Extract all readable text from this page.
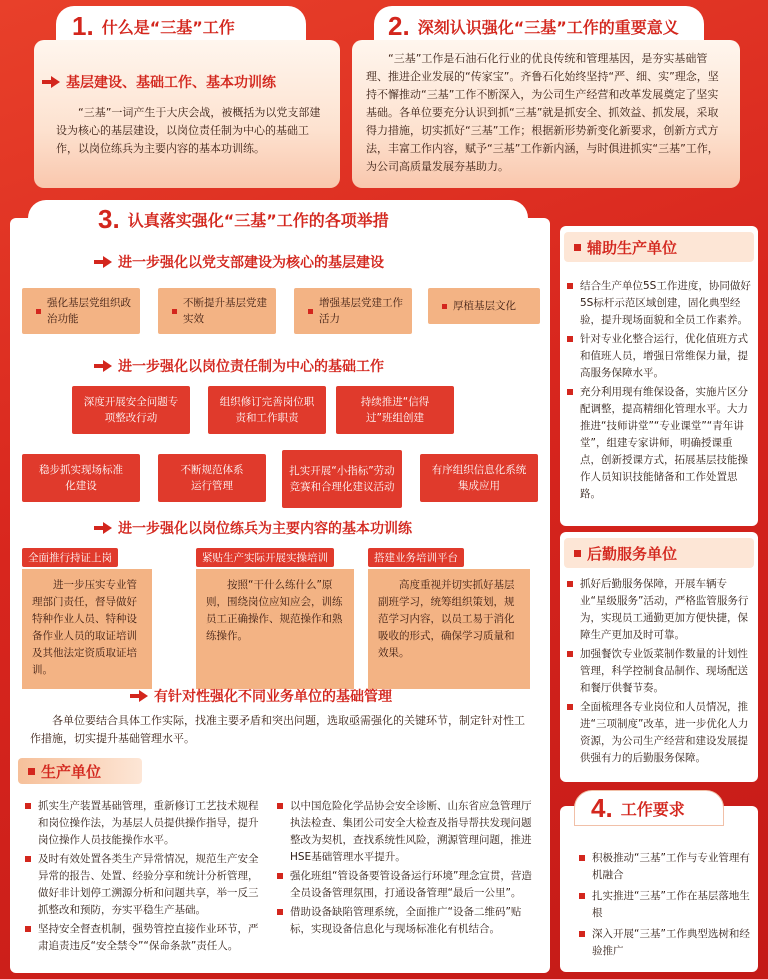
1. 什么是“三基”工作
基层建设、基础工作、基本功训练
“三基”一词产生于大庆会战，被概括为以党支部建设为核心的基层建设，以岗位责任制为中心的基础工作，以岗位练兵为主要内容的基本功训练。
2. 深刻认识强化“三基”工作的重要意义
“三基”工作是石油石化行业的优良传统和管理基因，是夯实基础管理、推进企业发展的“传家宝”。齐鲁石化始终坚持“严、细、实”理念，坚持不懈推动“三基”工作不断深入，为公司生产经营和改革发展奠定了坚实基础。各单位要充分认识到抓“三基”就是抓安全、抓效益、抓发展，采取得力措施，切实抓好“三基”工作；根据新形势新变化新要求，创新方式方法，丰富工作内容，赋予“三基”工作新内涵，与时俱进抓实“三基”工作，为公司高质量发展夯基助力。
3. 认真落实强化“三基”工作的各项举措
进一步强化以党支部建设为核心的基层建设
强化基层党组织政治功能
不断提升基层党建实效
增强基层党建工作活力
厚植基层文化
进一步强化以岗位责任制为中心的基础工作
深度开展安全问题专项整改行动
组织修订完善岗位职责和工作职责
持续推进“信得过”班组创建
稳步抓实现场标准化建设
不断规范体系运行管理
扎实开展“小指标”劳动竞赛和合理化建议活动
有序组织信息化系统集成应用
进一步强化以岗位练兵为主要内容的基本功训练
全面推行持证上岗
进一步压实专业管理部门责任，督导做好特种作业人员、特种设备作业人员的取证培训及其他法定资质取证培训。
紧贴生产实际开展实操培训
按照“干什么练什么”原则，围绕岗位应知应会，训练员工正确操作、规范操作和熟练操作。
搭建业务培训平台
高度重视并切实抓好基层副班学习，统筹组织策划，规范学习内容，以员工易于消化吸收的形式，确保学习质量和效果。
有针对性强化不同业务单位的基础管理
各单位要结合具体工作实际，找准主要矛盾和突出问题，选取亟需强化的关键环节，制定针对性工作措施，切实提升基础管理水平。
生产单位
抓实生产装置基础管理，重新修订工艺技术规程和岗位操作法，为基层人员提供操作指导，提升岗位操作人员技能操作水平。
及时有效处置各类生产异常情况，规范生产安全异常的报告、处置、经验分享和统计分析管理，做好非计划停工溯源分析和问题共享，举一反三抓整改和预防，夯实平稳生产基础。
坚持安全督查机制，强势管控直接作业环节，严肃追责违反“安全禁令”“保命条款”责任人。
以中国危险化学品协会安全诊断、山东省应急管理厅执法检查、集团公司安全大检查及指导帮扶发现问题整改为契机，查找系统性风险，溯源管理问题，推进HSE基础管理水平提升。
强化班组“管设备要管设备运行环境”理念宣贯，营造全员设备管理氛围，打通设备管理“最后一公里”。
借助设备缺陷管理系统，全面推广“设备二维码”贴标，实现设备信息化与现场标准化有机结合。
辅助生产单位
结合生产单位5S工作进度，协同做好5S标杆示范区域创建，固化典型经验，提升现场面貌和全员工作素养。
针对专业化整合运行，优化值班方式和值班人员，增强日常维保力量，提高服务保障水平。
充分利用现有维保设备，实施片区分配调整，提高精细化管理水平。大力推进“技师讲堂”“专业课堂”“青年讲堂”，组建专家讲师，明确授课重点，创新授课方式，拓展基层技能操作人员知识技能储备和工作处置思路。
后勤服务单位
抓好后勤服务保障，开展车辆专业“星级服务”活动，严格监管服务行为，实现员工通勤更加方便快捷，保障生产更加及时可靠。
加强餐饮专业饭菜制作数量的计划性管理，科学控制食品制作、现场配送和餐厅供餐节奏。
全面梳理各专业岗位和人员情况，推进“三项制度”改革，进一步优化人力资源，为公司生产经营和建设发展提供强有力的后勤服务保障。
4. 工作要求
积极推动“三基”工作与专业管理有机融合
扎实推进“三基”工作在基层落地生根
深入开展“三基”工作典型选树和经验推广
